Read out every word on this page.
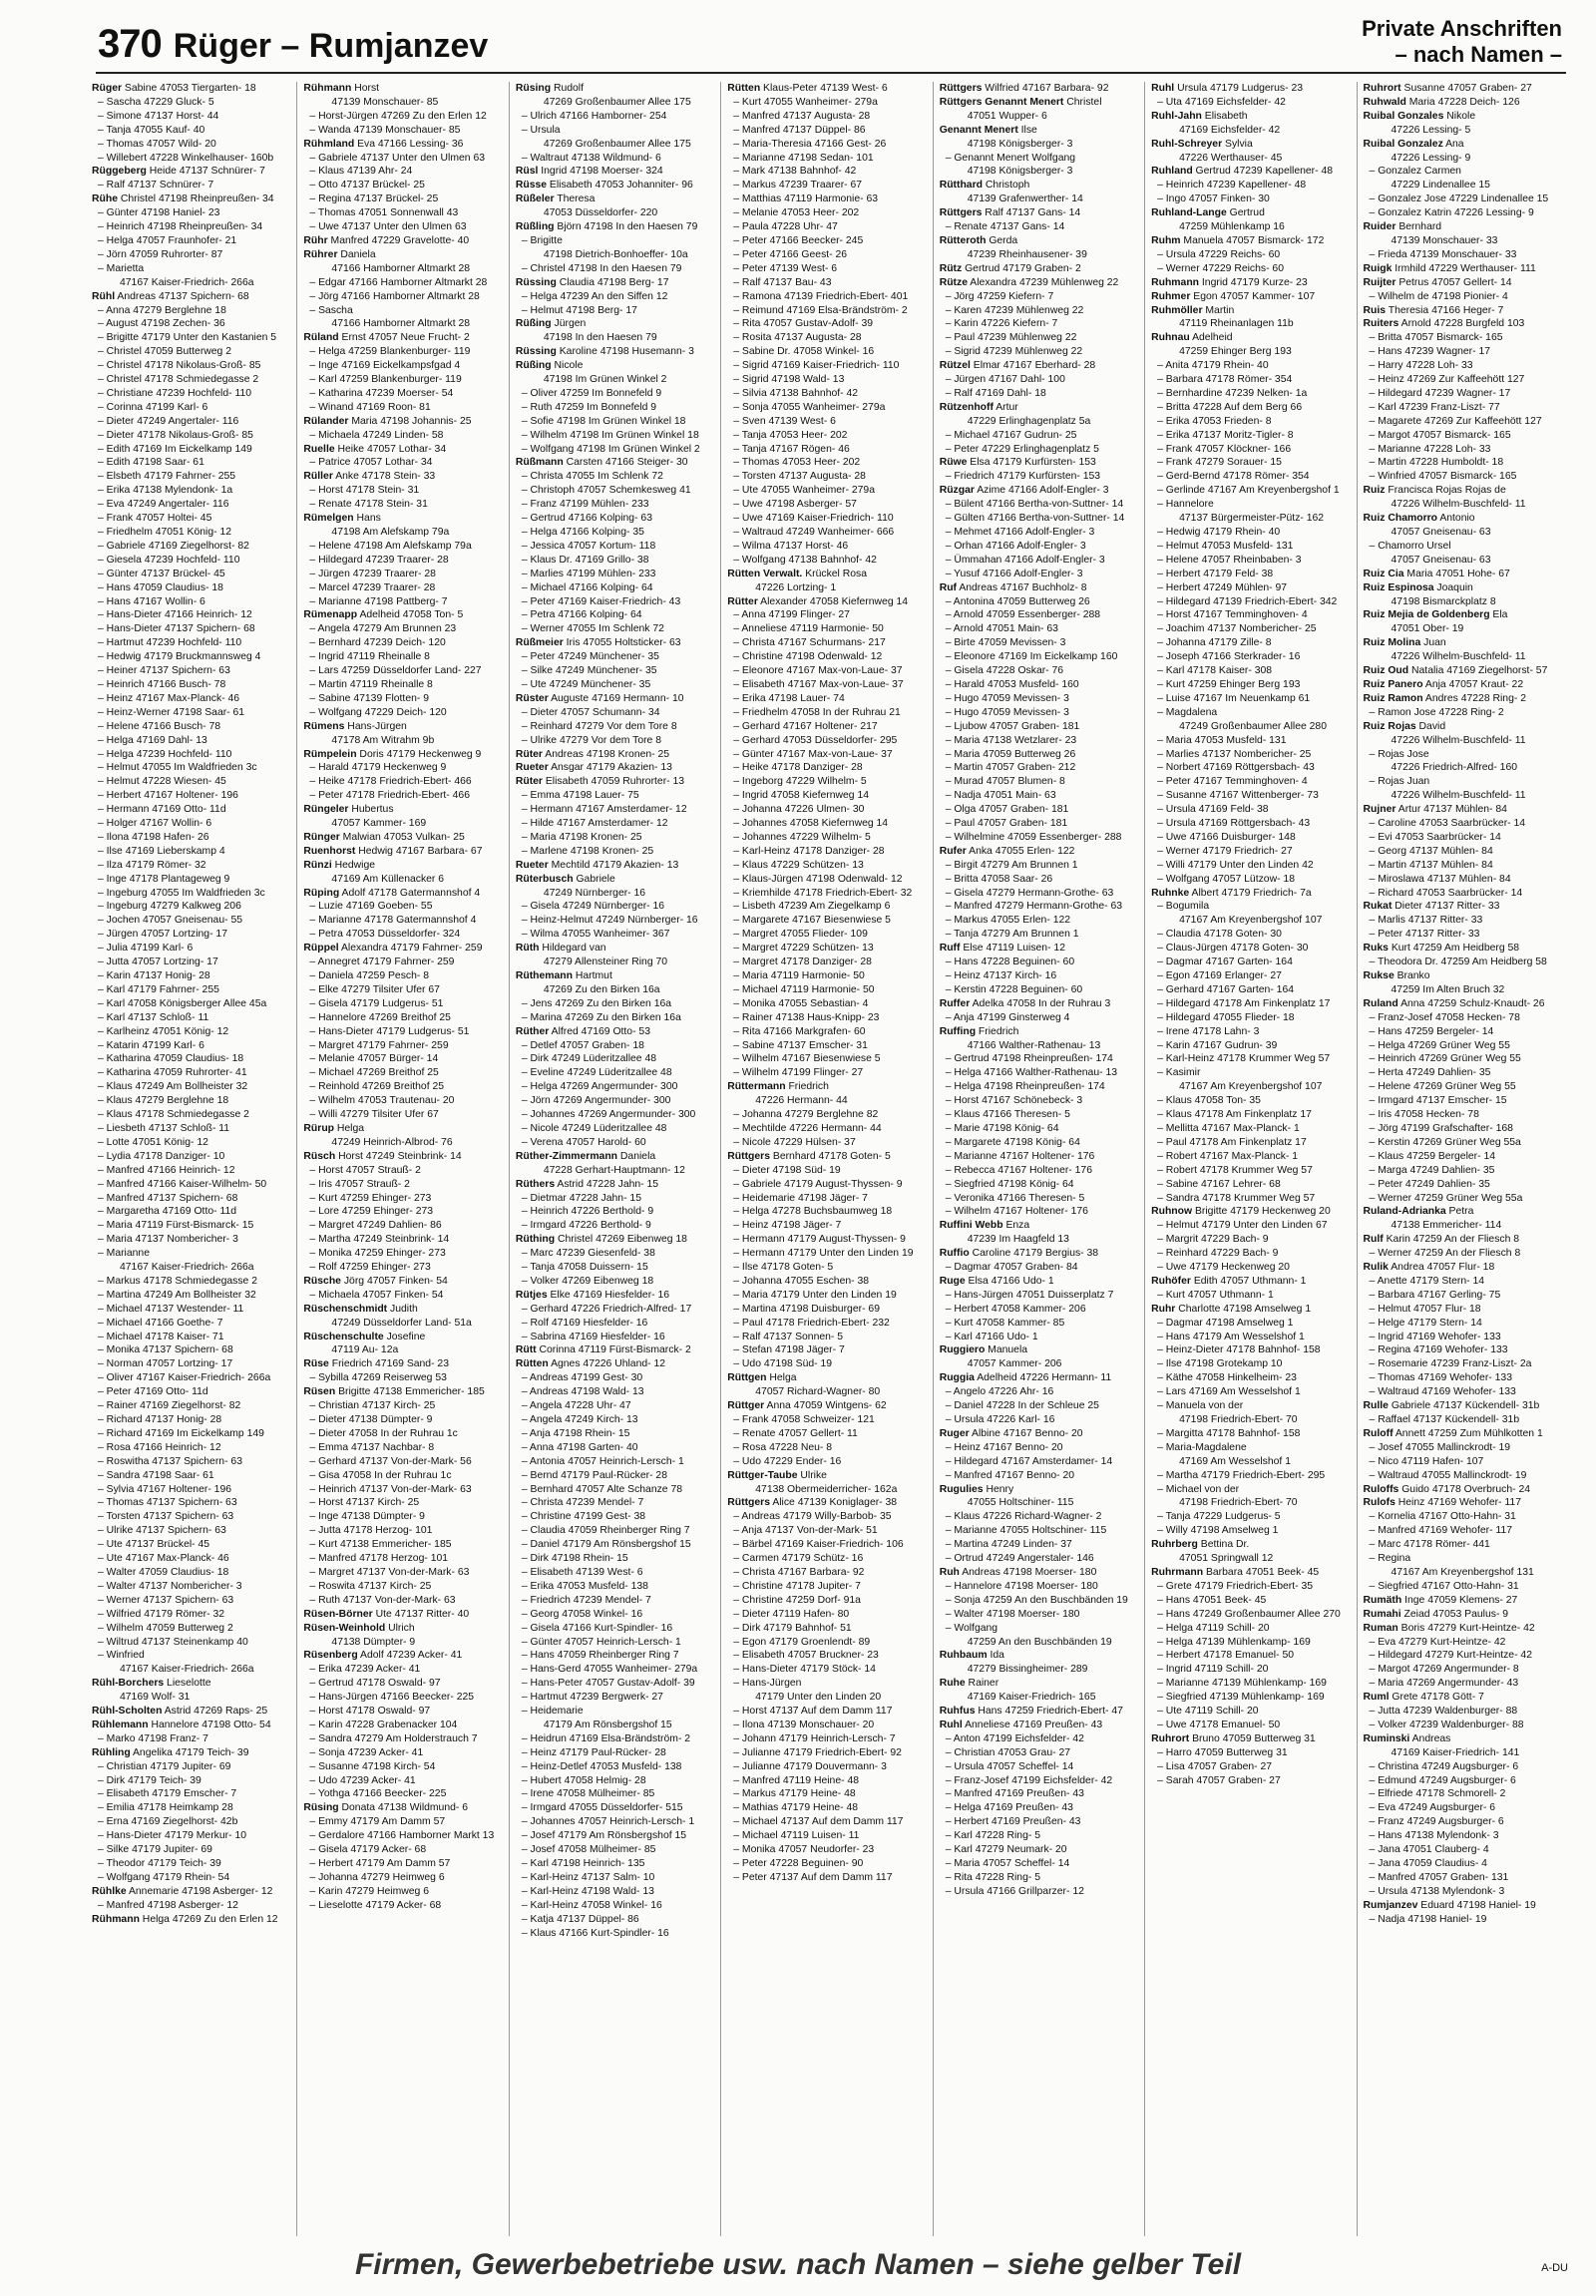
370 Rüger – Rumjanzev	Private Anschriften
– nach Namen –
Rüger Sabine 47053 Tiergarten- 18
– Sascha 47229 Gluck- 5
– Simone 47137 Horst- 44
– Tanja 47055 Kauf- 40
– Thomas 47057 Wild- 20
– Willebert 47228 Winkelhauser- 160b
Rüggeberg Heide 47137 Schnürer- 7
– Ralf 47137 Schnürer- 7
Rühe Christel 47198 Rheinpreußen- 34
– Günter 47198 Haniel- 23
– Heinrich 47198 Rheinpreußen- 34
– Helga 47057 Fraunhofer- 21
– Jörn 47059 Ruhrorter- 87
– Marietta
47167 Kaiser-Friedrich- 266a
Rühl Andreas 47137 Spichern- 68
– Anna 47279 Berglehne 18
– August 47198 Zechen- 36
– Brigitte 47179 Unter den Kastanien 5
– Christel 47059 Butterweg 2
– Christel 47178 Nikolaus-Groß- 85
– Christel 47178 Schmiedegasse 2
– Christiane 47239 Hochfeld- 110
– Corinna 47199 Karl- 6
– Dieter 47249 Angertaler- 116
– Dieter 47178 Nikolaus-Groß- 85
– Edith 47169 Im Eickelkamp 149
– Edith 47198 Saar- 61
– Elsbeth 47179 Fahrner- 255
– Erika 47138 Mylendonk- 1a
– Eva 47249 Angertaler- 116
– Frank 47057 Holtei- 45
– Friedhelm 47051 König- 12
– Gabriele 47169 Ziegelhorst- 82
– Giesela 47239 Hochfeld- 110
– Günter 47137 Brückel- 45
– Hans 47059 Claudius- 18
– Hans 47167 Wollin- 6
– Hans-Dieter 47166 Heinrich- 12
– Hans-Dieter 47137 Spichern- 68
– Hartmut 47239 Hochfeld- 110
– Hedwig 47179 Bruckmannsweg 4
– Heiner 47137 Spichern- 63
– Heinrich 47166 Busch- 78
– Heinz 47167 Max-Planck- 46
– Heinz-Werner 47198 Saar- 61
– Helene 47166 Busch- 78
– Helga 47169 Dahl- 13
– Helga 47239 Hochfeld- 110
– Helmut 47055 Im Waldfrieden 3c
– Helmut 47228 Wiesen- 45
– Herbert 47167 Holtener- 196
– Hermann 47169 Otto- 11d
– Holger 47167 Wollin- 6
– Ilona 47198 Hafen- 26
– Ilse 47169 Lieberskamp 4
– Ilza 47179 Römer- 32
– Inge 47178 Plantageweg 9
– Ingeburg 47055 Im Waldfrieden 3c
– Ingeburg 47279 Kalkweg 206
– Jochen 47057 Gneisenau- 55
– Jürgen 47057 Lortzing- 17
– Julia 47199 Karl- 6
– Jutta 47057 Lortzing- 17
– Karin 47137 Honig- 28
– Karl 47179 Fahrner- 255
– Karl 47058 Königsberger Allee 45a
– Karl 47137 Schloß- 11
– Karlheinz 47051 König- 12
– Katarin 47199 Karl- 6
– Katharina 47059 Claudius- 18
– Katharina 47059 Ruhrorter- 41
– Klaus 47249 Am Bollheister 32
– Klaus 47279 Berglehne 18
– Klaus 47178 Schmiedegasse 2
– Liesbeth 47137 Schloß- 11
– Lotte 47051 König- 12
– Lydia 47178 Danziger- 10
– Manfred 47166 Heinrich- 12
– Manfred 47166 Kaiser-Wilhelm- 50
– Manfred 47137 Spichern- 68
– Margaretha 47169 Otto- 11d
– Maria 47119 Fürst-Bismarck- 15
– Maria 47137 Nombericher- 3
– Marianne
47167 Kaiser-Friedrich- 266a
– Markus 47178 Schmiedegasse 2
– Martina 47249 Am Bollheister 32
– Michael 47137 Westender- 11
– Michael 47166 Goethe- 7
– Michael 47178 Kaiser- 71
– Monika 47137 Spichern- 68
– Norman 47057 Lortzing- 17
– Oliver 47167 Kaiser-Friedrich- 266a
– Peter 47169 Otto- 11d
– Rainer 47169 Ziegelhorst- 82
– Richard 47137 Honig- 28
– Richard 47169 Im Eickelkamp 149
– Rosa 47166 Heinrich- 12
– Roswitha 47137 Spichern- 63
– Sandra 47198 Saar- 61
– Sylvia 47167 Holtener- 196
– Thomas 47137 Spichern- 63
– Torsten 47137 Spichern- 63
– Ulrike 47137 Spichern- 63
– Ute 47137 Brückel- 45
– Ute 47167 Max-Planck- 46
– Walter 47059 Claudius- 18
– Walter 47137 Nombericher- 3
– Werner 47137 Spichern- 63
– Wilfried 47179 Römer- 32
– Wilhelm 47059 Butterweg 2
– Wiltrud 47137 Steinenkamp 40
– Winfried
47167 Kaiser-Friedrich- 266a
Rühl-Borchers Lieselotte
47169 Wolf- 31
Rühl-Scholten Astrid 47269 Raps- 25
Rühlemann Hannelore 47198 Otto- 54
– Marko 47198 Franz- 7
Rühling Angelika 47179 Teich- 39
– Christian 47179 Jupiter- 69
– Dirk 47179 Teich- 39
– Elisabeth 47179 Emscher- 7
– Emilia 47178 Heimkamp 28
– Erna 47169 Ziegelhorst- 42b
– Hans-Dieter 47179 Merkur- 10
– Silke 47179 Jupiter- 69
– Theodor 47179 Teich- 39
– Wolfgang 47179 Rhein- 54
Rühlke Annemarie 47198 Asberger- 12
– Manfred 47198 Asberger- 12
Rühmann Helga 47269 Zu den Erlen 12
Rühmann Horst
47139 Monschauer- 85
– Horst-Jürgen 47269 Zu den Erlen 12
– Wanda 47139 Monschauer- 85
Rühmland Eva 47166 Lessing- 36
– Gabriele 47137 Unter den Ulmen 63
– Klaus 47139 Ahr- 24
– Otto 47137 Brückel- 25
– Regina 47137 Brückel- 25
– Thomas 47051 Sonnenwall 43
– Uwe 47137 Unter den Ulmen 63
Rühr Manfred 47229 Gravelotte- 40
Rührer Daniela
47166 Hamborner Altmarkt 28
– Edgar 47166 Hamborner Altmarkt 28
– Jörg 47166 Hamborner Altmarkt 28
– Sascha
47166 Hamborner Altmarkt 28
Rüland Ernst 47057 Neue Frucht- 2
– Helga 47259 Blankenburger- 119
– Inge 47169 Eickelkampsfgad 4
– Karl 47259 Blankenburger- 119
– Katharina 47239 Moerser- 54
– Winand 47169 Roon- 81
Rülander Maria 47198 Johannis- 25
– Michaela 47249 Linden- 58
Ruelle Heike 47057 Lothar- 34
– Patrice 47057 Lothar- 34
Rüller Anke 47178 Stein- 33
– Horst 47178 Stein- 31
– Renate 47178 Stein- 31
Rümelgen Hans
47198 Am Alefskamp 79a
– Helene 47198 Am Alefskamp 79a
– Hildegard 47239 Traarer- 28
– Jürgen 47239 Traarer- 28
– Marcel 47239 Traarer- 28
– Marianne 47198 Pattberg- 7
Rümenapp Adelheid 47058 Ton- 5
– Angela 47279 Am Brunnen 23
– Bernhard 47239 Deich- 120
– Ingrid 47119 Rheinalle 8
– Lars 47259 Düsseldorfer Land- 227
– Martin 47119 Rheinalle 8
– Sabine 47139 Flotten- 9
– Wolfgang 47229 Deich- 120
Rümens Hans-Jürgen
47178 Am Witrahm 9b
Rümpelein Doris 47179 Heckenweg 9
– Harald 47179 Heckenweg 9
– Heike 47178 Friedrich-Ebert- 466
– Peter 47178 Friedrich-Ebert- 466
Rüngeler Hubertus
47057 Kammer- 169
Rünger Malwian 47053 Vulkan- 25
Ruenhorst Hedwig 47167 Barbara- 67
Rünzi Hedwige
47169 Am Küllenacker 6
Rüping Adolf 47178 Gatermannshof 4
– Luzie 47169 Goeben- 55
– Marianne 47178 Gatermannshof 4
– Petra 47053 Düsseldorfer- 324
Rüppel Alexandra 47179 Fahrner- 259
– Annegret 47179 Fahrner- 259
– Daniela 47259 Pesch- 8
– Elke 47279 Tilsiter Ufer 67
– Gisela 47179 Ludgerus- 51
– Hannelore 47269 Breithof 25
– Hans-Dieter 47179 Ludgerus- 51
– Margret 47179 Fahrner- 259
– Melanie 47057 Bürger- 14
– Michael 47269 Breithof 25
– Reinhold 47269 Breithof 25
– Wilhelm 47053 Trautenau- 20
– Willi 47279 Tilsiter Ufer 67
Rürup Helga
47249 Heinrich-Albrod- 76
Rüsch Horst 47249 Steinbrink- 14
– Horst 47057 Strauß- 2
– Iris 47057 Strauß- 2
– Kurt 47259 Ehinger- 273
– Lore 47259 Ehinger- 273
– Margret 47249 Dahlien- 86
– Martha 47249 Steinbrink- 14
– Monika 47259 Ehinger- 273
– Rolf 47259 Ehinger- 273
Rüsche Jörg 47057 Finken- 54
– Michaela 47057 Finken- 54
Rüschenschmidt Judith
47249 Düsseldorfer Land- 51a
Rüschenschulte Josefine
47119 Au- 12a
Rüse Friedrich 47169 Sand- 23
– Sybilla 47269 Reiserweg 53
Rüsen Brigitte 47138 Emmericher- 185
– Christian 47137 Kirch- 25
– Dieter 47138 Dümpter- 9
– Dieter 47058 In der Ruhrau 1c
– Emma 47137 Nachbar- 8
– Gerhard 47137 Von-der-Mark- 56
– Gisa 47058 In der Ruhrau 1c
– Heinrich 47137 Von-der-Mark- 63
– Horst 47137 Kirch- 25
– Inge 47138 Dümpter- 9
– Jutta 47178 Herzog- 101
– Kurt 47138 Emmericher- 185
– Manfred 47178 Herzog- 101
– Margret 47137 Von-der-Mark- 63
– Roswita 47137 Kirch- 25
– Ruth 47137 Von-der-Mark- 63
Rüsen-Börner Ute 47137 Ritter- 40
Rüsen-Weinhold Ulrich
47138 Dümpter- 9
Rüsenberg Adolf 47239 Acker- 41
– Erika 47239 Acker- 41
– Gertrud 47178 Oswald- 97
– Hans-Jürgen 47166 Beecker- 225
– Horst 47178 Oswald- 97
– Karin 47228 Grabenacker 104
– Sandra 47279 Am Holderstrauch 7
– Sonja 47239 Acker- 41
– Susanne 47198 Kirch- 54
– Udo 47239 Acker- 41
– Yothga 47166 Beecker- 225
Rüsing Donata 47138 Wildmund- 6
– Emmy 47179 Am Damm 57
– Gerdalore 47166 Hamborner Markt 13
– Gisela 47179 Acker- 68
– Herbert 47179 Am Damm 57
– Johanna 47279 Heimweg 6
– Karin 47279 Heimweg 6
– Lieselotte 47179 Acker- 68
Rüsing Rudolf
47269 Großenbaumer Allee 175
– Ulrich 47166 Hamborner- 254
– Ursula
47269 Großenbaumer Allee 175
– Waltraut 47138 Wildmund- 6
Rüsl Ingrid 47198 Moerser- 324
Rüsse Elisabeth 47053 Johanniter- 96
Rüßeler Theresa
47053 Düsseldorfer- 220
Rüßling Björn 47198 In den Haesen 79
– Brigitte
47198 Dietrich-Bonhoeffer- 10a
– Christel 47198 In den Haesen 79
Rüssing Claudia 47198 Berg- 17
– Helga 47239 An den Siffen 12
– Helmut 47198 Berg- 17
Rüßing Jürgen
47198 In den Haesen 79
Rüssing Karoline 47198 Husemann- 3
Rüßing Nicole
47198 Im Grünen Winkel 2
– Oliver 47259 Im Bonnefeld 9
– Ruth 47259 Im Bonnefeld 9
– Sofie 47198 Im Grünen Winkel 18
– Wilhelm 47198 Im Grünen Winkel 18
– Wolfgang 47198 Im Grünen Winkel 2
Rüßmann Carsten 47166 Steiger- 30
– Christa 47055 Im Schlenk 72
– Christoph 47057 Schemkesweg 41
– Franz 47199 Mühlen- 233
– Gertrud 47166 Kolping- 63
– Helga 47166 Kolping- 35
– Jessica 47057 Kortum- 118
– Klaus Dr. 47169 Grillo- 38
– Marlies 47199 Mühlen- 233
– Michael 47166 Kolping- 64
– Peter 47169 Kaiser-Friedrich- 43
– Petra 47166 Kolping- 64
– Werner 47055 Im Schlenk 72
Rüßmeier Iris 47055 Holtsticker- 63
– Peter 47249 Münchener- 35
– Silke 47249 Münchener- 35
– Ute 47249 Münchener- 35
Rüster Auguste 47169 Hermann- 10
– Dieter 47057 Schumann- 34
– Reinhard 47279 Vor dem Tore 8
– Ulrike 47279 Vor dem Tore 8
Rüter Andreas 47198 Kronen- 25
Rueter Ansgar 47179 Akazien- 13
Rüter Elisabeth 47059 Ruhrorter- 13
– Emma 47198 Lauer- 75
– Hermann 47167 Amsterdamer- 12
– Hilde 47167 Amsterdamer- 12
– Maria 47198 Kronen- 25
– Marlene 47198 Kronen- 25
Rueter Mechtild 47179 Akazien- 13
Rüterbusch Gabriele
47249 Nürnberger- 16
– Gisela 47249 Nürnberger- 16
– Heinz-Helmut 47249 Nürnberger- 16
– Wilma 47055 Wanheimer- 367
Rüth Hildegard van
47279 Allensteiner Ring 70
Rüthemann Hartmut
47269 Zu den Birken 16a
– Jens 47269 Zu den Birken 16a
– Marina 47269 Zu den Birken 16a
Rüther Alfred 47169 Otto- 53
– Detlef 47057 Graben- 18
– Dirk 47249 Lüderitzallee 48
– Eveline 47249 Lüderitzallee 48
– Helga 47269 Angermunder- 300
– Jörn 47269 Angermunder- 300
– Johannes 47269 Angermunder- 300
– Nicole 47249 Lüderitzallee 48
– Verena 47057 Harold- 60
Rüther-Zimmermann Daniela
47228 Gerhart-Hauptmann- 12
Rüthers Astrid 47228 Jahn- 15
– Dietmar 47228 Jahn- 15
– Heinrich 47226 Berthold- 9
– Irmgard 47226 Berthold- 9
Rüthing Christel 47269 Eibenweg 18
– Marc 47239 Giesenfeld- 38
– Tanja 47058 Duissern- 15
– Volker 47269 Eibenweg 18
Rütjes Elke 47169 Hiesfelder- 16
– Gerhard 47226 Friedrich-Alfred- 17
– Rolf 47169 Hiesfelder- 16
– Sabrina 47169 Hiesfelder- 16
Rütt Corinna 47119 Fürst-Bismarck- 2
Rütten Agnes 47226 Uhland- 12
– Andreas 47199 Gest- 30
– Andreas 47198 Wald- 13
– Angela 47228 Uhr- 47
– Angela 47249 Kirch- 13
– Anja 47198 Rhein- 15
– Anna 47198 Garten- 40
– Antonia 47057 Heinrich-Lersch- 1
– Bernd 47179 Paul-Rücker- 28
– Bernhard 47057 Alte Schanze 78
– Christa 47239 Mendel- 7
– Christine 47199 Gest- 38
– Claudia 47059 Rheinberger Ring 7
– Daniel 47179 Am Rönsbergshof 15
– Dirk 47198 Rhein- 15
– Elisabeth 47139 West- 6
– Erika 47053 Musfeld- 138
– Friedrich 47239 Mendel- 7
– Georg 47058 Winkel- 16
– Gisela 47166 Kurt-Spindler- 16
– Günter 47057 Heinrich-Lersch- 1
– Hans 47059 Rheinberger Ring 7
– Hans-Gerd 47055 Wanheimer- 279a
– Hans-Peter 47057 Gustav-Adolf- 39
– Hartmut 47239 Bergwerk- 27
– Heidemarie
47179 Am Rönsbergshof 15
– Heidrun 47169 Elsa-Brändström- 2
– Heinz 47179 Paul-Rücker- 28
– Heinz-Detlef 47053 Musfeld- 138
– Hubert 47058 Helmig- 28
– Irene 47058 Mülheimer- 85
– Irmgard 47055 Düsseldorfer- 515
– Johannes 47057 Heinrich-Lersch- 1
– Josef 47179 Am Rönsbergshof 15
– Josef 47058 Mülheimer- 85
– Karl 47198 Heinrich- 135
– Karl-Heinz 47137 Salm- 10
– Karl-Heinz 47198 Wald- 13
– Karl-Heinz 47058 Winkel- 16
– Katja 47137 Düppel- 86
– Klaus 47166 Kurt-Spindler- 16
Rütten Klaus-Peter 47139 West- 6
– Kurt 47055 Wanheimer- 279a
– Manfred 47137 Augusta- 28
– Manfred 47137 Düppel- 86
– Maria-Theresia 47166 Gest- 26
– Marianne 47198 Sedan- 101
– Mark 47138 Bahnhof- 42
– Markus 47239 Traarer- 67
– Matthias 47119 Harmonie- 63
– Melanie 47053 Heer- 202
– Paula 47228 Uhr- 47
– Peter 47166 Beecker- 245
– Peter 47166 Geest- 26
– Peter 47139 West- 6
– Ralf 47137 Bau- 43
– Ramona 47139 Friedrich-Ebert- 401
– Reimund 47169 Elsa-Brändström- 2
– Rita 47057 Gustav-Adolf- 39
– Rosita 47137 Augusta- 28
– Sabine Dr. 47058 Winkel- 16
– Sigrid 47169 Kaiser-Friedrich- 110
– Sigrid 47198 Wald- 13
– Silvia 47138 Bahnhof- 42
– Sonja 47055 Wanheimer- 279a
– Sven 47139 West- 6
– Tanja 47053 Heer- 202
– Tanja 47167 Rögen- 46
– Thomas 47053 Heer- 202
– Torsten 47137 Augusta- 28
– Ute 47055 Wanheimer- 279a
– Uwe 47198 Asberger- 57
– Uwe 47169 Kaiser-Friedrich- 110
– Waltraud 47249 Wanheimer- 666
– Wilma 47137 Horst- 46
– Wolfgang 47138 Bahnhof- 42
Rütten Verwalt. Krückel Rosa
47226 Lortzing- 1
Rütter Alexander 47058 Kiefernweg 14
– Anna 47199 Flinger- 27
– Anneliese 47119 Harmonie- 50
– Christa 47167 Schurmans- 217
– Christine 47198 Odenwald- 12
– Eleonore 47167 Max-von-Laue- 37
– Elisabeth 47167 Max-von-Laue- 37
– Erika 47198 Lauer- 74
– Friedhelm 47058 In der Ruhrau 21
– Gerhard 47167 Holtener- 217
– Gerhard 47053 Düsseldorfer- 295
– Günter 47167 Max-von-Laue- 37
– Heike 47178 Danziger- 28
– Ingeborg 47229 Wilhelm- 5
– Ingrid 47058 Kiefernweg 14
– Johanna 47226 Ulmen- 30
– Johannes 47058 Kiefernweg 14
– Johannes 47229 Wilhelm- 5
– Karl-Heinz 47178 Danziger- 28
– Klaus 47229 Schützen- 13
– Klaus-Jürgen 47198 Odenwald- 12
– Kriemhilde 47178 Friedrich-Ebert- 32
– Lisbeth 47239 Am Ziegelkamp 6
– Margarete 47167 Biesenwiese 5
– Margret 47055 Flieder- 109
– Margret 47229 Schützen- 13
– Margret 47178 Danziger- 28
– Maria 47119 Harmonie- 50
– Michael 47119 Harmonie- 50
– Monika 47055 Sebastian- 4
– Rainer 47138 Haus-Knipp- 23
– Rita 47166 Markgrafen- 60
– Sabine 47137 Emscher- 31
– Wilhelm 47167 Biesenwiese 5
– Wilhelm 47199 Flinger- 27
Rüttermann Friedrich
47226 Hermann- 44
– Johanna 47279 Berglehne 82
– Mechtilde 47226 Hermann- 44
– Nicole 47229 Hülsen- 37
Rüttgers Bernhard 47178 Goten- 5
– Dieter 47198 Süd- 19
– Gabriele 47179 August-Thyssen- 9
– Heidemarie 47198 Jäger- 7
– Helga 47278 Buchsbaumweg 18
– Heinz 47198 Jäger- 7
– Hermann 47179 August-Thyssen- 9
– Hermann 47179 Unter den Linden 19
– Ilse 47178 Goten- 5
– Johanna 47055 Eschen- 38
– Maria 47179 Unter den Linden 19
– Martina 47198 Duisburger- 69
– Paul 47178 Friedrich-Ebert- 232
– Ralf 47137 Sonnen- 5
– Stefan 47198 Jäger- 7
– Udo 47198 Süd- 19
Rüttgen Helga
47057 Richard-Wagner- 80
Rüttger Anna 47059 Wintgens- 62
– Frank 47058 Schweizer- 121
– Renate 47057 Gellert- 11
– Rosa 47228 Neu- 8
– Udo 47229 Ender- 16
Rüttger-Taube Ulrike
47138 Obermeiderricher- 162a
Rüttgers Alice 47139 Koniglager- 38
– Andreas 47179 Willy-Barbob- 35
– Anja 47137 Von-der-Mark- 51
– Bärbel 47169 Kaiser-Friedrich- 106
– Carmen 47179 Schütz- 16
– Christa 47167 Barbara- 92
– Christine 47178 Jupiter- 7
– Christine 47259 Dorf- 91a
– Dieter 47119 Hafen- 80
– Dirk 47179 Bahnhof- 51
– Egon 47179 Groenlendt- 89
– Elisabeth 47057 Bruckner- 23
– Hans-Dieter 47179 Stöck- 14
– Hans-Jürgen
47179 Unter den Linden 20
– Horst 47137 Auf dem Damm 117
– Ilona 47139 Monschauer- 20
– Johann 47179 Heinrich-Lersch- 7
– Julianne 47179 Friedrich-Ebert- 92
– Julianne 47179 Douvermann- 3
– Manfred 47119 Heine- 48
– Markus 47179 Heine- 48
– Mathias 47179 Heine- 48
– Michael 47137 Auf dem Damm 117
– Michael 47119 Luisen- 11
– Monika 47057 Neudorfer- 23
– Peter 47228 Beguinen- 90
– Peter 47137 Auf dem Damm 117
Rüttgers Wilfried 47167 Barbara- 92
Rüttgers Genannt Menert Christel
47051 Wupper- 6
Genannt Menert Ilse
47198 Königsberger- 3
– Genannt Menert Wolfgang
47198 Königsberger- 3
Rütthard Christoph
47139 Grafenwerther- 14
Rüttgers Ralf 47137 Gans- 14
– Renate 47137 Gans- 14
Rütteroth Gerda
47239 Rheinhausener- 39
Rütz Gertrud 47179 Graben- 2
Rütze Alexandra 47239 Mühlenweg 22
– Jörg 47259 Kiefern- 7
– Karen 47239 Mühlenweg 22
– Karin 47226 Kiefern- 7
– Paul 47239 Mühlenweg 22
– Sigrid 47239 Mühlenweg 22
Rützel Elmar 47167 Eberhard- 28
– Jürgen 47167 Dahl- 100
– Ralf 47169 Dahl- 18
Rützenhoff Artur
47229 Erlinghagenplatz 5a
– Michael 47167 Gudrun- 25
– Peter 47229 Erlinghagenplatz 5
Rüwe Elsa 47179 Kurfürsten- 153
– Friedrich 47179 Kurfürsten- 153
Rüzgar Azime 47166 Adolf-Engler- 3
– Bülent 47166 Bertha-von-Suttner- 14
– Gülten 47166 Bertha-von-Suttner- 14
– Mehmet 47166 Adolf-Engler- 3
– Orhan 47166 Adolf-Engler- 3
– Ümmahan 47166 Adolf-Engler- 3
– Yusuf 47166 Adolf-Engler- 3
Ruf Andreas 47167 Buchholz- 8
– Antonina 47059 Butterweg 26
– Arnold 47059 Essenberger- 288
– Arnold 47051 Main- 63
– Birte 47059 Mevissen- 3
– Eleonore 47169 Im Eickelkamp 160
– Gisela 47228 Oskar- 76
– Harald 47053 Musfeld- 160
– Hugo 47059 Mevissen- 3
– Hugo 47059 Mevissen- 3
– Ljubow 47057 Graben- 181
– Maria 47138 Wetzlarer- 23
– Maria 47059 Butterweg 26
– Martin 47057 Graben- 212
– Murad 47057 Blumen- 8
– Nadja 47051 Main- 63
– Olga 47057 Graben- 181
– Paul 47057 Graben- 181
– Wilhelmine 47059 Essenberger- 288
Rufer Anka 47055 Erlen- 122
– Birgit 47279 Am Brunnen 1
– Britta 47058 Saar- 26
– Gisela 47279 Hermann-Grothe- 63
– Manfred 47279 Hermann-Grothe- 63
– Markus 47055 Erlen- 122
– Tanja 47279 Am Brunnen 1
Ruff Else 47119 Luisen- 12
– Hans 47228 Beguinen- 60
– Heinz 47137 Kirch- 16
– Kerstin 47228 Beguinen- 60
Ruffer Adelka 47058 In der Ruhrau 3
– Anja 47199 Ginsterweg 4
Ruffing Friedrich
47166 Walther-Rathenau- 13
– Gertrud 47198 Rheinpreußen- 174
– Helga 47166 Walther-Rathenau- 13
– Helga 47198 Rheinpreußen- 174
– Horst 47167 Schönebeck- 3
– Klaus 47166 Theresen- 5
– Marie 47198 König- 64
– Margarete 47198 König- 64
– Marianne 47167 Holtener- 176
– Rebecca 47167 Holtener- 176
– Siegfried 47198 König- 64
– Veronika 47166 Theresen- 5
– Wilhelm 47167 Holtener- 176
Ruffini Webb Enza
47239 Im Haagfeld 13
Ruffio Caroline 47179 Bergius- 38
– Dagmar 47057 Graben- 84
Ruge Elsa 47166 Udo- 1
– Hans-Jürgen 47051 Duisserplatz 7
– Herbert 47058 Kammer- 206
– Kurt 47058 Kammer- 85
– Karl 47166 Udo- 1
Ruggiero Manuela
47057 Kammer- 206
Ruggia Adelheid 47226 Hermann- 11
– Angelo 47226 Ahr- 16
– Daniel 47228 In der Schleue 25
– Ursula 47226 Karl- 16
Ruger Albine 47167 Benno- 20
– Heinz 47167 Benno- 20
– Hildegard 47167 Amsterdamer- 14
– Manfred 47167 Benno- 20
Rugulies Henry
47055 Holtschiner- 115
– Klaus 47226 Richard-Wagner- 2
– Marianne 47055 Holtschiner- 115
– Martina 47249 Linden- 37
– Ortrud 47249 Angerstaler- 146
Ruh Andreas 47198 Moerser- 180
– Hannelore 47198 Moerser- 180
– Sonja 47259 An den Buschbänden 19
– Walter 47198 Moerser- 180
– Wolfgang
47259 An den Buschbänden 19
Ruhbaum Ida
47279 Bissingheimer- 289
Ruhe Rainer
47169 Kaiser-Friedrich- 165
Ruhfus Hans 47259 Friedrich-Ebert- 47
Ruhl Anneliese 47169 Preußen- 43
– Anton 47199 Eichsfelder- 42
– Christian 47053 Grau- 27
– Ursula 47057 Scheffel- 14
– Franz-Josef 47199 Eichsfelder- 42
– Manfred 47169 Preußen- 43
– Helga 47169 Preußen- 43
– Herbert 47169 Preußen- 43
– Karl 47228 Ring- 5
– Karl 47279 Neumark- 20
– Maria 47057 Scheffel- 14
– Rita 47228 Ring- 5
– Ursula 47166 Grillparzer- 12
Ruhl Ursula 47179 Ludgerus- 23
– Uta 47169 Eichsfelder- 42
Ruhl-Jahn Elisabeth
47169 Eichsfelder- 42
Ruhl-Schreyer Sylvia
47226 Werthauser- 45
Ruhland Gertrud 47239 Kapellener- 48
– Heinrich 47239 Kapellener- 48
– Ingo 47057 Finken- 30
Ruhland-Lange Gertrud
47259 Mühlenkamp 16
Ruhm Manuela 47057 Bismarck- 172
– Ursula 47229 Reichs- 60
– Werner 47229 Reichs- 60
Ruhmann Ingrid 47179 Kurze- 23
Ruhmer Egon 47057 Kammer- 107
Ruhmöller Martin
47119 Rheinanlagen 11b
Ruhnau Adelheid
47259 Ehinger Berg 193
– Anita 47179 Rhein- 40
– Barbara 47178 Römer- 354
– Bernhardine 47239 Nelken- 1a
– Britta 47228 Auf dem Berg 66
– Erika 47053 Frieden- 8
– Erika 47137 Moritz-Tigler- 8
– Frank 47057 Klöckner- 166
– Frank 47279 Sorauer- 15
– Gerd-Bernd 47178 Römer- 354
– Gerlinde 47167 Am Kreyenbergshof 1
– Hannelore
47137 Bürgermeister-Pütz- 162
– Hedwig 47179 Rhein- 40
– Helmut 47053 Musfeld- 131
– Helene 47057 Rheinbaben- 3
– Herbert 47179 Feld- 38
– Herbert 47249 Mühlen- 97
– Hildegard 47139 Friedrich-Ebert- 342
– Horst 47167 Temminghoven- 4
– Joachim 47137 Nombericher- 25
– Johanna 47179 Zille- 8
– Joseph 47166 Sterkrader- 16
– Karl 47178 Kaiser- 308
– Kurt 47259 Ehinger Berg 193
– Luise 47167 Im Neuenkamp 61
– Magdalena
47249 Großenbaumer Allee 280
– Maria 47053 Musfeld- 131
– Marlies 47137 Nombericher- 25
– Norbert 47169 Röttgersbach- 43
– Peter 47167 Temminghoven- 4
– Susanne 47167 Wittenberger- 73
– Ursula 47169 Feld- 38
– Ursula 47169 Röttgersbach- 43
– Uwe 47166 Duisburger- 148
– Werner 47179 Friedrich- 27
– Willi 47179 Unter den Linden 42
– Wolfgang 47057 Lützow- 18
Ruhnke Albert 47179 Friedrich- 7a
– Bogumila
47167 Am Kreyenbergshof 107
– Claudia 47178 Goten- 30
– Claus-Jürgen 47178 Goten- 30
– Dagmar 47167 Garten- 164
– Egon 47169 Erlanger- 27
– Gerhard 47167 Garten- 164
– Hildegard 47178 Am Finkenplatz 17
– Hildegard 47055 Flieder- 18
– Irene 47178 Lahn- 3
– Karin 47167 Gudrun- 39
– Karl-Heinz 47178 Krummer Weg 57
– Kasimir
47167 Am Kreyenbergshof 107
– Klaus 47058 Ton- 35
– Klaus 47178 Am Finkenplatz 17
– Mellitta 47167 Max-Planck- 1
– Paul 47178 Am Finkenplatz 17
– Robert 47167 Max-Planck- 1
– Robert 47178 Krummer Weg 57
– Sabine 47167 Lehrer- 68
– Sandra 47178 Krummer Weg 57
Ruhnow Brigitte 47179 Heckenweg 20
– Helmut 47179 Unter den Linden 67
– Margrit 47229 Bach- 9
– Reinhard 47229 Bach- 9
– Uwe 47179 Heckenweg 20
Ruhöfer Edith 47057 Uthmann- 1
– Kurt 47057 Uthmann- 1
Ruhr Charlotte 47198 Amselweg 1
– Dagmar 47198 Amselweg 1
– Hans 47179 Am Wesselshof 1
– Heinz-Dieter 47178 Bahnhof- 158
– Ilse 47198 Grotekamp 10
– Käthe 47058 Hinkelheim- 23
– Lars 47169 Am Wesselshof 1
– Manuela von der
47198 Friedrich-Ebert- 70
– Margitta 47178 Bahnhof- 158
– Maria-Magdalene
47169 Am Wesselshof 1
– Martha 47179 Friedrich-Ebert- 295
– Michael von der
47198 Friedrich-Ebert- 70
– Tanja 47229 Ludgerus- 5
– Willy 47198 Amselweg 1
Ruhrberg Bettina Dr.
47051 Springwall 12
Ruhrmann Barbara 47051 Beek- 45
– Grete 47179 Friedrich-Ebert- 35
– Hans 47051 Beek- 45
– Hans 47249 Großenbaumer Allee 270
– Helga 47119 Schill- 20
– Helga 47139 Mühlenkamp- 169
– Herbert 47178 Emanuel- 50
– Ingrid 47119 Schill- 20
– Marianne 47139 Mühlenkamp- 169
– Siegfried 47139 Mühlenkamp- 169
– Ute 47119 Schill- 20
– Uwe 47178 Emanuel- 50
Ruhrort Bruno 47059 Butterweg 31
– Harro 47059 Butterweg 31
– Lisa 47057 Graben- 27
– Sarah 47057 Graben- 27
Ruhrort Susanne 47057 Graben- 27
Ruhwald Maria 47228 Deich- 126
Ruibal Gonzales Nikole
47226 Lessing- 5
Ruibal Gonzalez Ana
47226 Lessing- 9
– Gonzalez Carmen
47229 Lindenallee 15
– Gonzalez Jose 47229 Lindenallee 15
– Gonzalez Katrin 47226 Lessing- 9
Ruider Bernhard
47139 Monschauer- 33
– Frieda 47139 Monschauer- 33
Ruigk Irmhild 47229 Werthauser- 111
Ruijter Petrus 47057 Gellert- 14
– Wilhelm de 47198 Pionier- 4
Ruis Theresia 47166 Heger- 7
Ruiters Arnold 47228 Burgfeld 103
– Britta 47057 Bismarck- 165
– Hans 47239 Wagner- 17
– Harry 47228 Loh- 33
– Heinz 47269 Zur Kaffeehött 127
– Hildegard 47239 Wagner- 17
– Karl 47239 Franz-Liszt- 77
– Magarete 47269 Zur Kaffeehött 127
– Margot 47057 Bismarck- 165
– Marianne 47228 Loh- 33
– Martin 47228 Humboldt- 18
– Winfried 47057 Bismarck- 165
Ruiz Francisca Rojas Rojas de
47226 Wilhelm-Buschfeld- 11
Ruiz Chamorro Antonio
47057 Gneisenau- 63
– Chamorro Ursel
47057 Gneisenau- 63
Ruiz Cia Maria 47051 Hohe- 67
Ruiz Espinosa Joaquin
47198 Bismarckplatz 8
Ruiz Mejia de Goldenberg Ela
47051 Ober- 19
Ruiz Molina Juan
47226 Wilhelm-Buschfeld- 11
Ruiz Oud Natalia 47169 Ziegelhorst- 57
Ruiz Panero Anja 47057 Kraut- 22
Ruiz Ramon Andres 47228 Ring- 2
– Ramon Jose 47228 Ring- 2
Ruiz Rojas David
47226 Wilhelm-Buschfeld- 11
– Rojas Jose
47226 Friedrich-Alfred- 160
– Rojas Juan
47226 Wilhelm-Buschfeld- 11
Rujner Artur 47137 Mühlen- 84
– Caroline 47053 Saarbrücker- 14
– Evi 47053 Saarbrücker- 14
– Georg 47137 Mühlen- 84
– Martin 47137 Mühlen- 84
– Miroslawa 47137 Mühlen- 84
– Richard 47053 Saarbrücker- 14
Rukat Dieter 47137 Ritter- 33
– Marlis 47137 Ritter- 33
– Peter 47137 Ritter- 33
Ruks Kurt 47259 Am Heidberg 58
– Theodora Dr. 47259 Am Heidberg 58
Rukse Branko
47259 Im Alten Bruch 32
Ruland Anna 47259 Schulz-Knaudt- 26
– Franz-Josef 47058 Hecken- 78
– Hans 47259 Bergeler- 14
– Helga 47269 Grüner Weg 55
– Heinrich 47269 Grüner Weg 55
– Herta 47249 Dahlien- 35
– Helene 47269 Grüner Weg 55
– Irmgard 47137 Emscher- 15
– Iris 47058 Hecken- 78
– Jörg 47199 Grafschafter- 168
– Kerstin 47269 Grüner Weg 55a
– Klaus 47259 Bergeler- 14
– Marga 47249 Dahlien- 35
– Peter 47249 Dahlien- 35
– Werner 47259 Grüner Weg 55a
Ruland-Adrianka Petra
47138 Emmericher- 114
Rulf Karin 47259 An der Fliesch 8
– Werner 47259 An der Fliesch 8
Rulik Andrea 47057 Flur- 18
– Anette 47179 Stern- 14
– Barbara 47167 Gerling- 75
– Helmut 47057 Flur- 18
– Helge 47179 Stern- 14
– Ingrid 47169 Wehofer- 133
– Regina 47169 Wehofer- 133
– Rosemarie 47239 Franz-Liszt- 2a
– Thomas 47169 Wehofer- 133
– Waltraud 47169 Wehofer- 133
Rulle Gabriele 47137 Kückendell- 31b
– Raffael 47137 Kückendell- 31b
Ruloff Annett 47259 Zum Mühlkotten 1
– Josef 47055 Mallinckrodt- 19
– Nico 47119 Hafen- 107
– Waltraud 47055 Mallinckrodt- 19
Ruloffs Guido 47178 Overbruch- 24
Rulofs Heinz 47169 Wehofer- 117
– Kornelia 47167 Otto-Hahn- 31
– Manfred 47169 Wehofer- 117
– Marc 47178 Römer- 441
– Regina
47167 Am Kreyenbergshof 131
– Siegfried 47167 Otto-Hahn- 31
Rumäth Inge 47059 Klemens- 27
Rumahi Zeiad 47053 Paulus- 9
Ruman Boris 47279 Kurt-Heintze- 42
– Eva 47279 Kurt-Heintze- 42
– Hildegard 47279 Kurt-Heintze- 42
– Margot 47269 Angermunder- 8
– Maria 47269 Angermunder- 43
Ruml Grete 47178 Gött- 7
– Jutta 47239 Waldenburger- 88
– Volker 47239 Waldenburger- 88
Ruminski Andreas
47169 Kaiser-Friedrich- 141
– Christina 47249 Augsburger- 6
– Edmund 47249 Augsburger- 6
– Elfriede 47178 Schmorell- 2
– Eva 47249 Augsburger- 6
– Franz 47249 Augsburger- 6
– Hans 47138 Mylendonk- 3
– Jana 47051 Clauberg- 4
– Jana 47059 Claudius- 4
– Manfred 47057 Graben- 131
– Ursula 47138 Mylendonk- 3
Rumjanzev Eduard 47198 Haniel- 19
– Nadja 47198 Haniel- 19
Firmen, Gewerbebetriebe usw. nach Namen – siehe gelber Teil	A-DU
